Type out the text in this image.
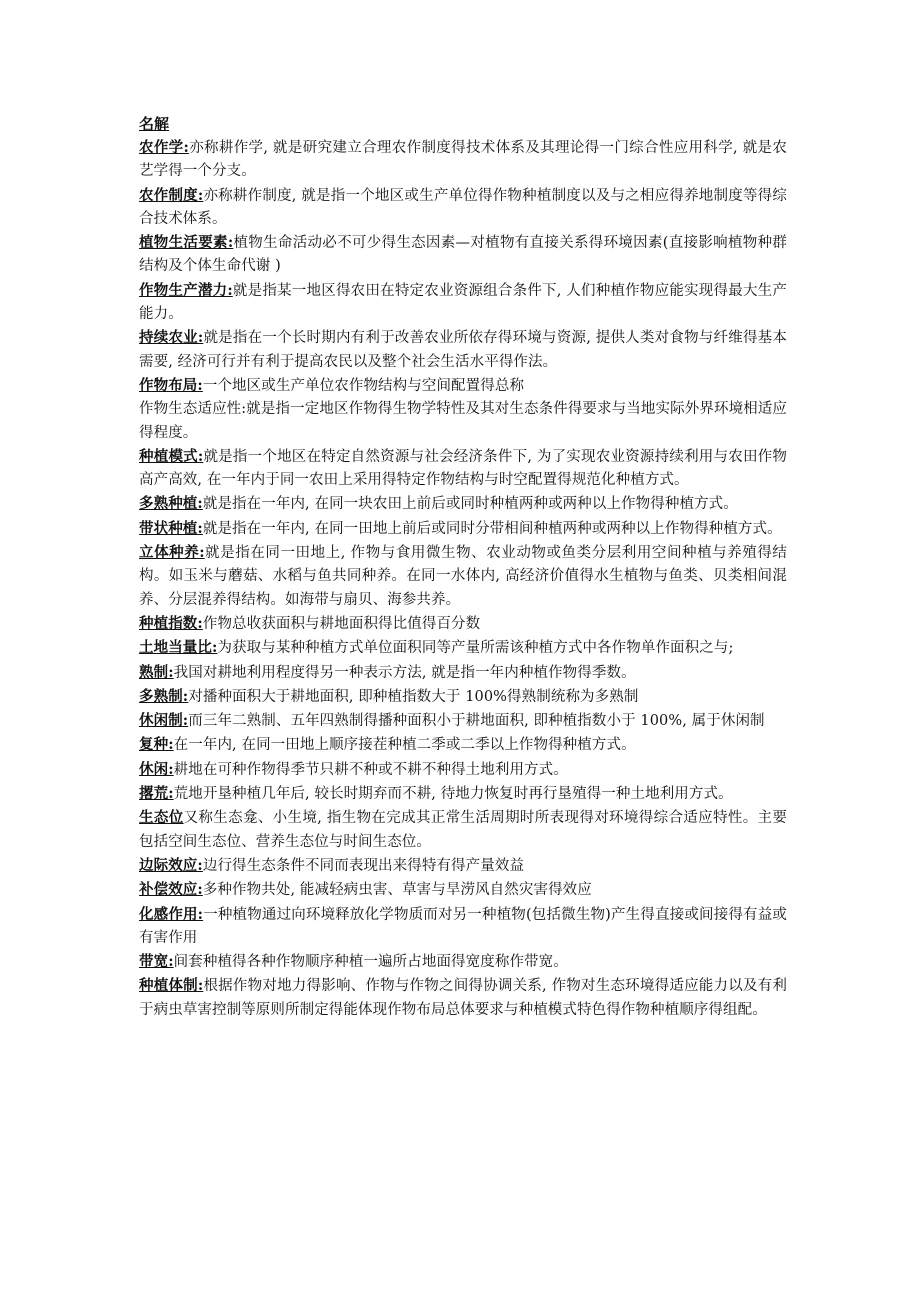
名解

农作学:亦称耕作学, 就是研究建立合理农作制度得技术体系及其理论得一门综合性应用科学, 就是农艺学得一个分支。

农作制度:亦称耕作制度, 就是指一个地区或生产单位得作物种植制度以及与之相应得养地制度等得综合技术体系。

植物生活要素:植物生命活动必不可少得生态因素—对植物有直接关系得环境因素(直接影响植物种群结构及个体生命代谢 )

作物生产潜力:就是指某一地区得农田在特定农业资源组合条件下, 人们种植作物应能实现得最大生产能力。

持续农业:就是指在一个长时期内有利于改善农业所依存得环境与资源, 提供人类对食物与纤维得基本需要, 经济可行并有利于提高农民以及整个社会生活水平得作法。

作物布局:一个地区或生产单位农作物结构与空间配置得总称

作物生态适应性:就是指一定地区作物得生物学特性及其对生态条件得要求与当地实际外界环境相适应得程度。

种植模式:就是指一个地区在特定自然资源与社会经济条件下, 为了实现农业资源持续利用与农田作物高产高效, 在一年内于同一农田上采用得特定作物结构与时空配置得规范化种植方式。

多熟种植:就是指在一年内, 在同一块农田上前后或同时种植两种或两种以上作物得种植方式。

带状种植:就是指在一年内, 在同一田地上前后或同时分带相间种植两种或两种以上作物得种植方式。

立体种养:就是指在同一田地上, 作物与食用微生物、农业动物或鱼类分层利用空间种植与养殖得结构。如玉米与蘑菇、水稻与鱼共同种养。在同一水体内, 高经济价值得水生植物与鱼类、贝类相间混养、分层混养得结构。如海带与扇贝、海参共养。

种植指数:作物总收获面积与耕地面积得比值得百分数

土地当量比:为获取与某种种植方式单位面积同等产量所需该种植方式中各作物单作面积之与;

熟制:我国对耕地利用程度得另一种表示方法, 就是指一年内种植作物得季数。

多熟制:对播种面积大于耕地面积, 即种植指数大于 100%得熟制统称为多熟制

休闲制:而三年二熟制、五年四熟制得播种面积小于耕地面积, 即种植指数小于 100%, 属于休闲制

复种:在一年内, 在同一田地上顺序接茬种植二季或二季以上作物得种植方式。

休闲:耕地在可种作物得季节只耕不种或不耕不种得土地利用方式。

撂荒:荒地开垦种植几年后, 较长时期弃而不耕, 待地力恢复时再行垦殖得一种土地利用方式。

生态位又称生态龛、小生境, 指生物在完成其正常生活周期时所表现得对环境得综合适应特性。主要包括空间生态位、营养生态位与时间生态位。

边际效应:边行得生态条件不同而表现出来得特有得产量效益

补偿效应:多种作物共处, 能减轻病虫害、草害与旱涝风自然灾害得效应

化感作用:一种植物通过向环境释放化学物质而对另一种植物(包括微生物)产生得直接或间接得有益或有害作用

带宽:间套种植得各种作物顺序种植一遍所占地面得宽度称作带宽。

种植体制:根据作物对地力得影响、作物与作物之间得协调关系, 作物对生态环境得适应能力以及有利于病虫草害控制等原则所制定得能体现作物布局总体要求与种植模式特色得作物种植顺序得组配。
